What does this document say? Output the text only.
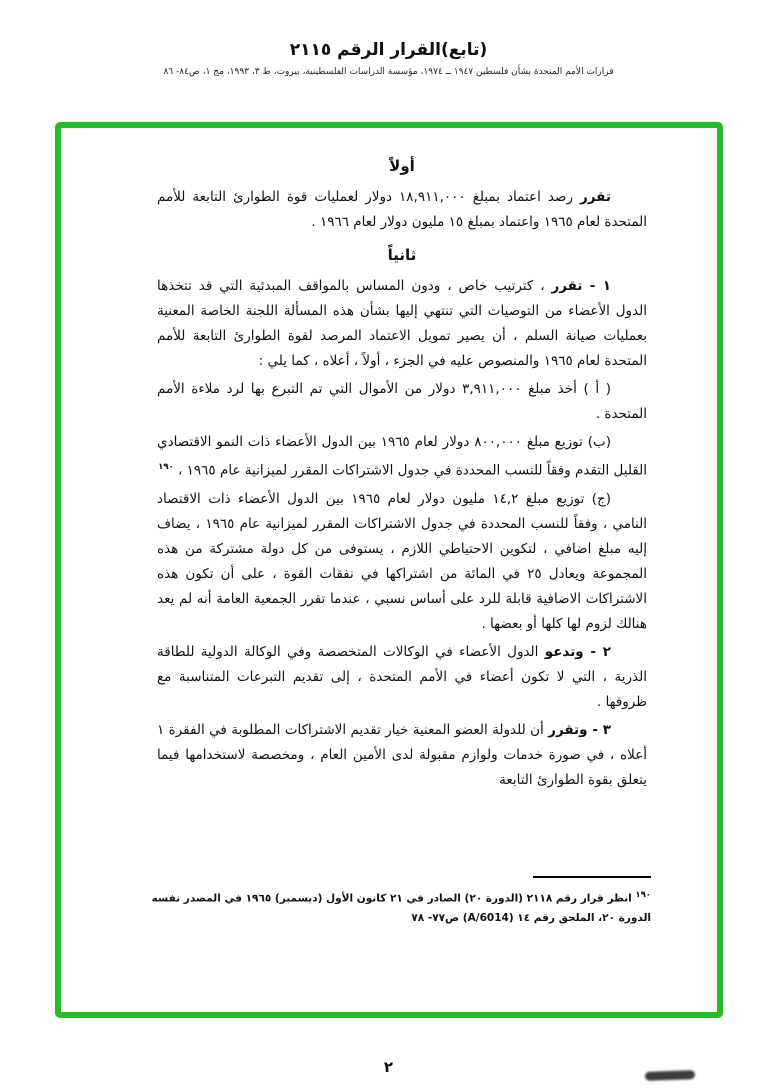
(تابع)القرار الرقم ٢١١٥
قرارات الأمم المتحدة بشأن فلسطين ١٩٤٧ ــ ١٩٧٤، مؤسسة الدراسات الفلسطينية، بيروت، ط ٣، ١٩٩٣، مج ١، ص٨٤- ٨٦
أولاً

تقرر رصد اعتماد بمبلغ ١٨,٩١١,٠٠٠ دولار لعمليات قوة الطوارئ التابعة للأمم المتحدة لعام ١٩٦٥ واعتماد بمبلغ ١٥ مليون دولار لعام ١٩٦٦ .

ثانياً

١ - تقرر ، كترتيب خاص ، ودون المساس بالمواقف المبدئية التي قد تتخذها الدول الأعضاء من التوصيات التي تنتهي إليها بشأن هذه المسألة اللجنة الخاصة المعنية بعمليات صيانة السلم ، أن يصير تمويل الاعتماد المرصد لقوة الطوارئ التابعة للأمم المتحدة لعام ١٩٦٥ والمنصوص عليه في الجزء ، أولاً ، أعلاه ، كما يلي :

( أ ) أخذ مبلغ ٣,٩١١,٠٠٠ دولار من الأموال التي تم التبرع بها لرد ملاءة الأمم المتحدة .

(ب) توزيع مبلغ ٨٠٠,٠٠٠ دولار لعام ١٩٦٥ بين الدول الأعضاء ذات النمو الاقتصادي القليل التقدم وفقاً للنسب المحددة في جدول الاشتراكات المقرر لميزانية عام ١٩٦٥ ، $^{١٩٠}$

(ج) توزيع مبلغ ١٤,٢ مليون دولار لعام ١٩٦٥ بين الدول الأعضاء ذات الاقتصاد النامي ، وفقاً للنسب المحددة في جدول الاشتراكات المقرر لميزانية عام ١٩٦٥ ، يضاف إليه مبلغ اضافي ، لتكوين الاحتياطي اللازم ، يستوفى من كل دولة مشتركة من هذه المجموعة ويعادل ٢٥ في المائة من اشتراكها في نفقات القوة ، على أن تكون هذه الاشتراكات الاضافية قابلة للرد على أساس نسبي ، عندما تقرر الجمعية العامة أنه لم يعد هنالك لزوم لها كلها أو بعضها .

٢ - وتدعو الدول الأعضاء في الوكالات المتخصصة وفي الوكالة الدولية للطاقة الذرية ، التي لا تكون أعضاء في الأمم المتحدة ، إلى تقديم التبرعات المتناسبة مع ظروفها .

٣ - وتقرر أن للدولة العضو المعنية خيار تقديم الاشتراكات المطلوبة في الفقرة ١ أعلاه ، في صورة خدمات ولوازم مقبولة لدى الأمين العام ، ومخصصة لاستخدامها فيما يتعلق بقوة الطوارئ التابعة

$^{١٩٠}$ انظر قرار رقم ٢١١٨ (الدورة ٢٠) الصادر في ٢١ كانون الأول (ديسمبر) ١٩٦٥ في المصدر نفسه
الدورة ٢٠، الملحق رقم ١٤ (A/6014) ص٧٧- ٧٨
٢
